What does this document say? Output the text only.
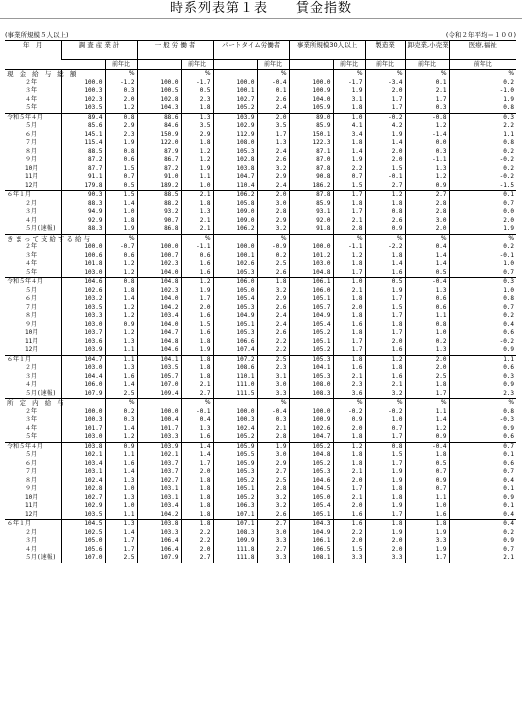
時系列表第１表　　賃金指数
(事業所規模５人以上)	(令和２年平均＝１００)
年　月	調 査 産 業 計		一 般 労 働 者		パートタイム労働者		事業所規模30人以上		製造業	卸売業,小売業	医療,福祉
		前年比		前年比		前年比		前年比	前年比	前年比	前年比
現 金 給 与 総 額		%		%		%		%	%	%	%
２年	100.0	-1.2	100.0	-1.7	100.0	-0.4	100.0	-1.7	-3.4	0.1	0.2
３年	100.3	0.3	100.5	0.5	100.1	0.1	100.9	1.9	2.0	2.1	-1.0
４年	102.3	2.0	102.8	2.3	102.7	2.6	104.0	3.1	1.7	1.7	1.9
５年	103.5	1.2	104.3	1.8	105.2	2.4	105.9	1.8	1.7	0.3	0.8
令和５年４月	89.4	0.8	88.6	1.3	103.9	2.0	89.0	1.0	-0.2	-0.8	0.3
５月	85.6	2.9	84.6	3.5	102.9	3.5	85.9	4.1	4.2	1.2	2.2
６月	145.1	2.3	150.9	2.9	112.9	1.7	150.1	3.4	1.9	-1.4	1.1
７月	115.4	1.9	122.0	1.8	108.0	1.3	122.3	1.8	1.4	0.0	0.8
８月	88.5	0.8	87.9	1.2	105.3	2.4	87.1	1.4	2.0	0.3	0.2
９月	87.2	0.6	86.7	1.2	102.8	2.6	87.0	1.9	2.0	-1.1	-0.2
10月	87.7	1.5	87.2	1.9	103.8	3.2	87.8	2.2	1.5	1.3	0.2
11月	91.1	0.7	91.0	1.1	104.7	2.9	90.8	0.7	-0.1	1.2	-0.2
12月	179.8	0.5	189.2	1.0	110.4	2.4	186.2	1.5	2.7	0.9	-1.5
６年１月	90.3	1.5	88.5	2.1	106.2	2.0	87.8	1.7	1.2	2.7	0.1
２月	88.3	1.4	88.2	1.8	105.8	3.0	85.9	1.8	1.8	2.8	0.7
３月	94.9	1.0	93.2	1.3	109.0	2.8	93.1	1.7	0.8	2.8	0.0
４月	92.9	1.8	90.7	2.1	109.0	2.9	92.0	2.1	2.6	3.0	2.0
５月(速報)	88.3	1.9	86.8	2.1	106.2	3.2	91.8	2.8	0.9	2.0	1.9
きまって支給する給与		%		%		%		%	%	%	%
２年	100.0	-0.7	100.0	-1.1	100.0	-0.9	100.0	-1.1	-2.2	0.4	0.2
３年	100.6	0.6	100.7	0.6	100.1	0.2	101.2	1.2	1.8	1.4	-0.1
４年	101.8	1.2	102.3	1.6	102.6	2.5	103.0	1.8	1.4	1.4	1.0
５年	103.0	1.2	104.0	1.6	105.3	2.6	104.8	1.7	1.6	0.5	0.7
令和５年４月	104.6	0.8	104.8	1.2	106.0	1.8	106.1	1.0	0.5	-0.4	0.3
５月	102.6	1.8	102.3	1.9	105.0	3.2	106.0	2.1	1.9	1.3	1.0
６月	103.2	1.4	104.0	1.7	105.4	2.9	105.1	1.8	1.7	0.6	0.8
７月	103.5	1.2	104.2	2.0	105.3	2.6	105.7	2.0	1.5	0.6	0.7
８月	103.3	1.2	103.4	1.6	104.9	2.4	104.9	1.8	1.7	1.1	0.2
９月	103.0	0.9	104.0	1.5	105.1	2.4	105.4	1.6	1.8	0.8	0.4
10月	103.7	1.2	104.7	1.6	105.3	2.6	105.2	1.8	1.7	1.0	0.6
11月	103.6	1.3	104.8	1.8	106.6	2.2	105.1	1.7	2.0	0.2	-0.2
12月	103.9	1.1	104.6	1.9	107.4	2.2	105.2	1.7	1.6	1.3	0.9
６年１月	104.7	1.1	104.1	1.8	107.2	2.5	105.3	1.8	1.2	2.0	1.1
２月	103.0	1.3	103.5	1.8	108.6	2.3	104.1	1.6	1.8	2.0	0.6
３月	104.4	1.6	105.7	1.8	110.1	3.1	105.3	2.1	1.6	2.5	0.3
４月	106.0	1.4	107.0	2.1	111.0	3.0	108.0	2.3	2.1	1.8	0.9
５月(速報)	107.9	2.5	109.4	2.7	111.5	3.3	108.3	3.6	3.2	1.7	2.3
所 定 内 給 与		%		%		%		%	%	%	%
２年	100.0	0.2	100.0	-0.1	100.0	-0.4	100.0	-0.2	-0.2	1.1	0.8
３年	100.3	0.3	100.4	0.4	100.3	0.3	100.9	0.9	1.0	1.4	-0.3
４年	101.7	1.4	101.7	1.3	102.4	2.1	102.6	2.0	0.7	1.2	0.9
５年	103.0	1.2	103.3	1.6	105.2	2.8	104.7	1.8	1.7	0.9	0.6
令和５年４月	103.8	0.9	103.9	1.4	105.9	1.9	105.2	1.2	0.8	-0.4	0.7
５月	102.1	1.1	102.1	1.4	105.5	3.0	104.8	1.8	1.5	1.8	0.1
６月	103.4	1.6	103.7	1.7	105.9	2.9	105.2	1.8	1.7	0.5	0.6
７月	103.1	1.4	103.7	2.0	105.3	2.7	105.3	2.1	1.9	0.7	0.7
８月	102.4	1.3	102.7	1.8	105.2	2.5	104.6	2.0	1.9	0.9	0.4
９月	102.8	1.0	103.1	1.8	105.1	2.8	104.5	1.7	1.8	0.7	0.1
10月	102.7	1.3	103.1	1.8	105.2	3.2	105.0	2.1	1.8	1.1	0.9
11月	102.9	1.0	103.4	1.8	106.3	3.2	105.4	2.0	1.9	1.0	0.1
12月	103.5	1.1	104.2	1.8	107.1	2.6	105.1	1.6	1.7	1.6	0.4
６年１月	104.5	1.3	103.8	1.8	107.1	2.7	104.3	1.6	1.8	1.8	0.4
２月	102.5	1.4	103.3	2.2	108.3	3.0	104.9	2.2	1.9	1.9	0.2
３月	105.0	1.7	106.4	2.2	109.9	3.3	106.1	2.0	2.0	3.3	0.9
４月	105.6	1.7	106.4	2.0	111.8	2.7	106.5	1.5	2.0	1.9	0.7
５月(速報)	107.0	2.5	107.9	2.7	111.8	3.3	108.1	3.3	3.3	1.7	2.1
